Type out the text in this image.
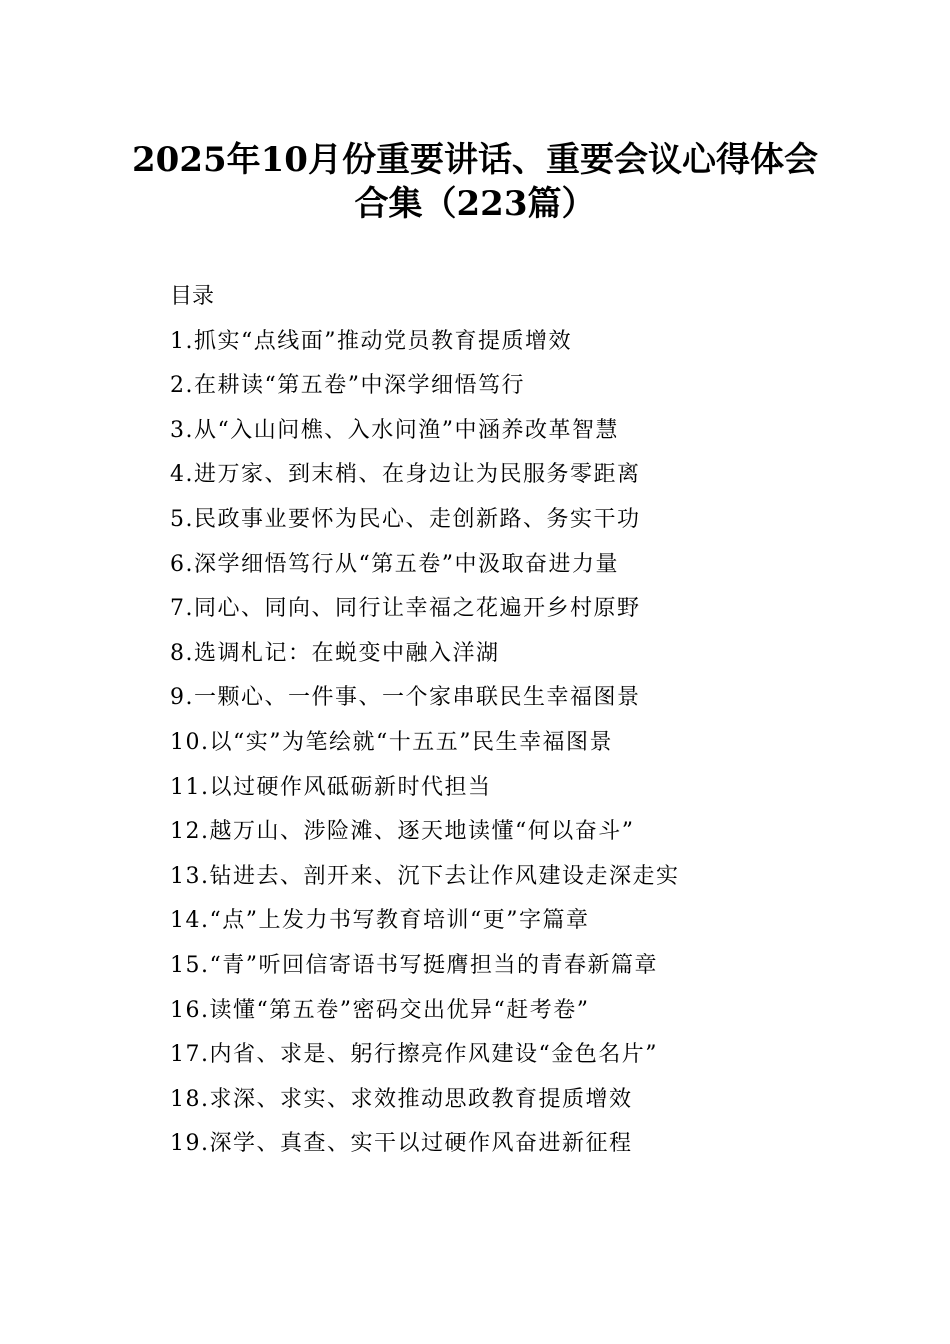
2025年10月份重要讲话、重要会议心得体会
合集（223篇）
目录
1.抓实“点线面”推动党员教育提质增效
2.在耕读“第五卷”中深学细悟笃行
3.从“入山问樵、入水问渔”中涵养改革智慧
4.进万家、到末梢、在身边让为民服务零距离
5.民政事业要怀为民心、走创新路、务实干功
6.深学细悟笃行从“第五卷”中汲取奋进力量
7.同心、同向、同行让幸福之花遍开乡村原野
8.选调札记：在蜕变中融入洋湖
9.一颗心、一件事、一个家串联民生幸福图景
10.以“实”为笔绘就“十五五”民生幸福图景
11.以过硬作风砥砺新时代担当
12.越万山、涉险滩、逐天地读懂“何以奋斗”
13.钻进去、剖开来、沉下去让作风建设走深走实
14.“点”上发力书写教育培训“更”字篇章
15.“青”听回信寄语书写挺膺担当的青春新篇章
16.读懂“第五卷”密码交出优异“赶考卷”
17.内省、求是、躬行擦亮作风建设“金色名片”
18.求深、求实、求效推动思政教育提质增效
19.深学、真查、实干以过硬作风奋进新征程
